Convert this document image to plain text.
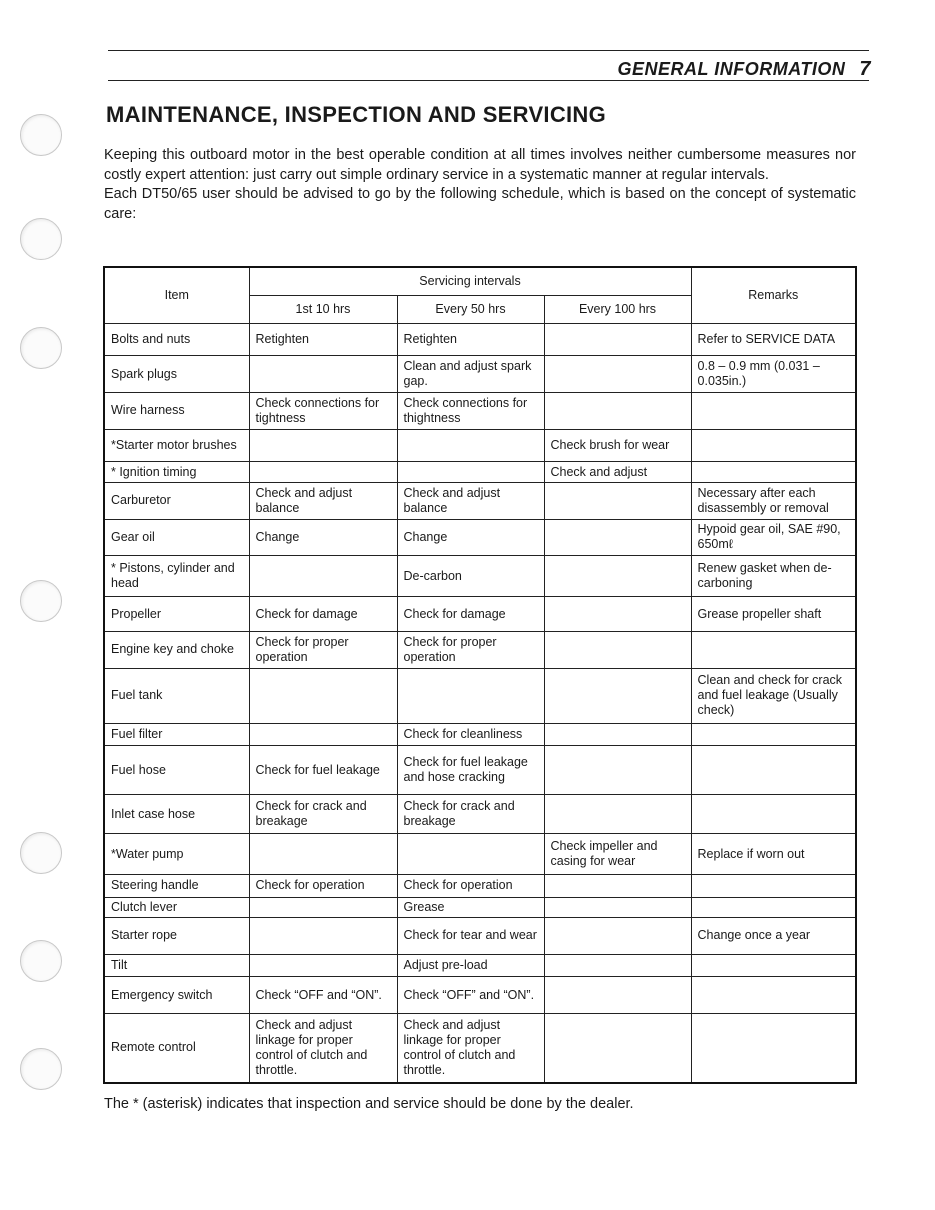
GENERAL INFORMATION 7
MAINTENANCE, INSPECTION AND SERVICING

Keeping this outboard motor in the best operable condition at all times involves neither cumbersome measures nor costly expert attention: just carry out simple ordinary service in a systematic manner at regular intervals.

Each DT50/65 user should be advised to go by the following schedule, which is based on the concept of systematic care:

Item	Servicing intervals			Remarks
	1st 10 hrs	Every 50 hrs	Every 100 hrs	
Bolts and nuts	Retighten	Retighten		Refer to SERVICE DATA
Spark plugs		Clean and adjust spark gap.		0.8 – 0.9 mm (0.031 – 0.035in.)
Wire harness	Check connections for tightness	Check connections for thightness		
*Starter motor brushes			Check brush for wear	
* Ignition timing			Check and adjust	
Carburetor	Check and adjust balance	Check and adjust balance		Necessary after each disassembly or removal
Gear oil	Change	Change		Hypoid gear oil, SAE #90, 650mℓ
* Pistons, cylinder and head		De-carbon		Renew gasket when de-carboning
Propeller	Check for damage	Check for damage		Grease propeller shaft
Engine key and choke	Check for proper operation	Check for proper operation		
Fuel tank				Clean and check for crack and fuel leakage (Usually check)
Fuel filter		Check for cleanliness		
Fuel hose	Check for fuel leakage	Check for fuel leakage and hose cracking		
Inlet case hose	Check for crack and breakage	Check for crack and breakage		
*Water pump			Check impeller and casing for wear	Replace if worn out
Steering handle	Check for operation	Check for operation		
Clutch lever		Grease		
Starter rope		Check for tear and wear		Change once a year
Tilt		Adjust pre-load		
Emergency switch	Check “OFF and “ON”.	Check “OFF” and “ON”.		
Remote control	Check and adjust linkage for proper control of clutch and throttle.	Check and adjust linkage for proper control of clutch and throttle.		
The * (asterisk) indicates that inspection and service should be done by the dealer.
